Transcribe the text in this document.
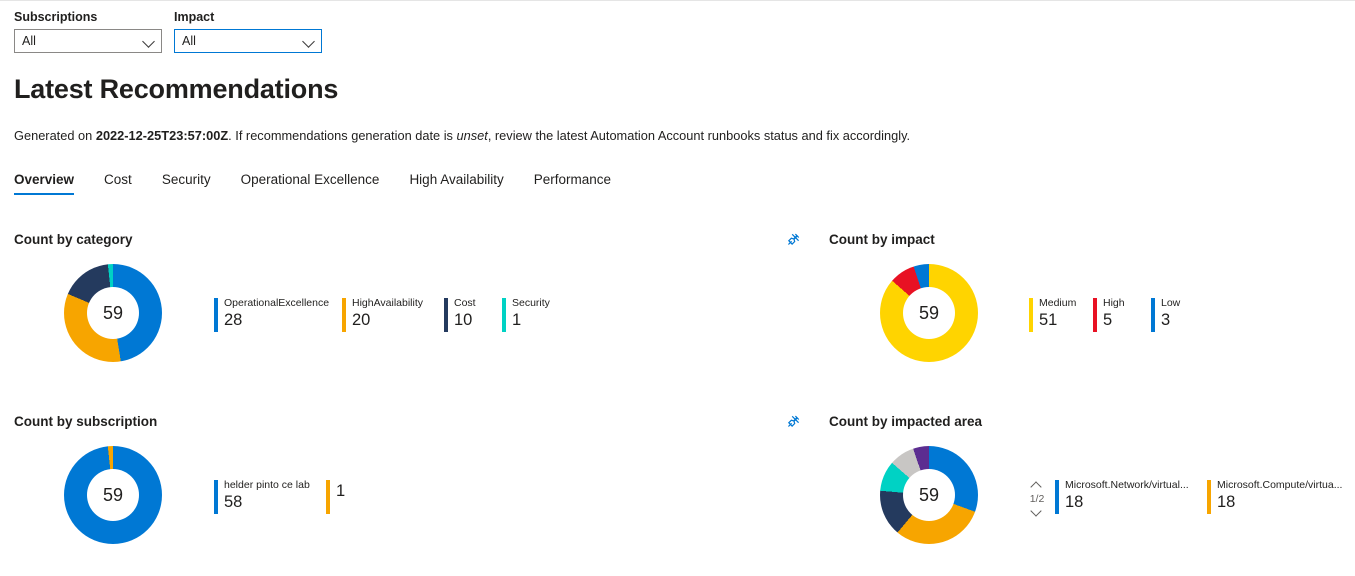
Subscriptions
All
Impact
All
Latest Recommendations
Generated on 2022-12-25T23:57:00Z. If recommendations generation date is unset, review the latest Automation Account runbooks status and fix accordingly.
Overview	Cost	Security	Operational Excellence	High Availability	Performance
Count by category
59	OperationalExcellence
28
HighAvailability
20
Cost
10
Security
1
Count by impact
59	Medium
51
High
5
Low
3
Count by subscription
59	helder pinto ce lab
58
1
Count by impacted area
59	1/2
Microsoft.Network/virtual...
18
Microsoft.Compute/virtua...
18
